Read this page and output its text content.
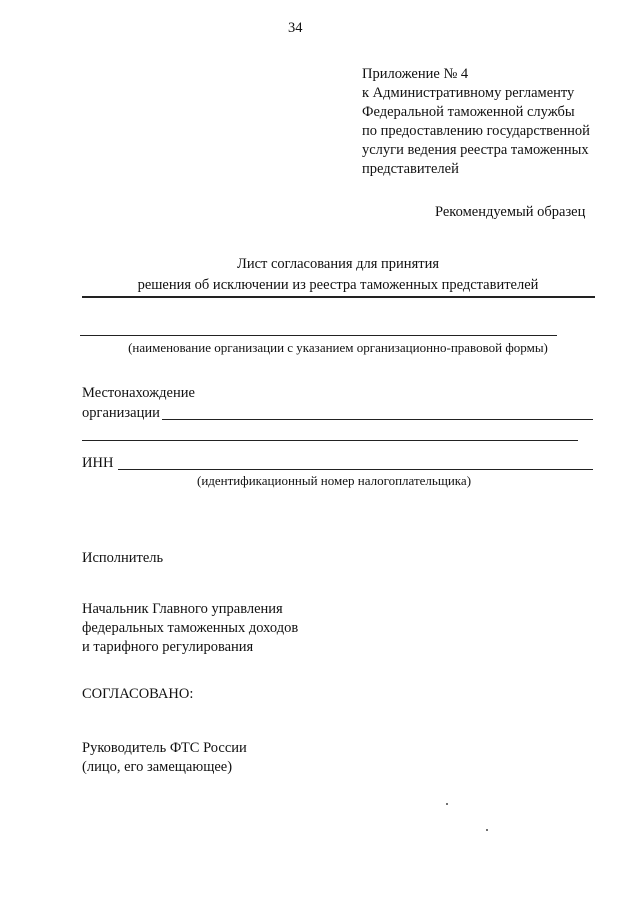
34
Приложение № 4
к Административному регламенту
Федеральной таможенной службы
по предоставлению государственной
услуги ведения реестра таможенных
представителей
Рекомендуемый образец
Лист согласования для принятия
решения об исключении из реестра таможенных представителей
(наименование организации с указанием организационно-правовой формы)
Местонахождение
организации
ИНН
(идентификационный номер налогоплательщика)
Исполнитель
Начальник Главного управления
федеральных таможенных доходов
и тарифного регулирования
СОГЛАСОВАНО:
Руководитель ФТС России
(лицо, его замещающее)
